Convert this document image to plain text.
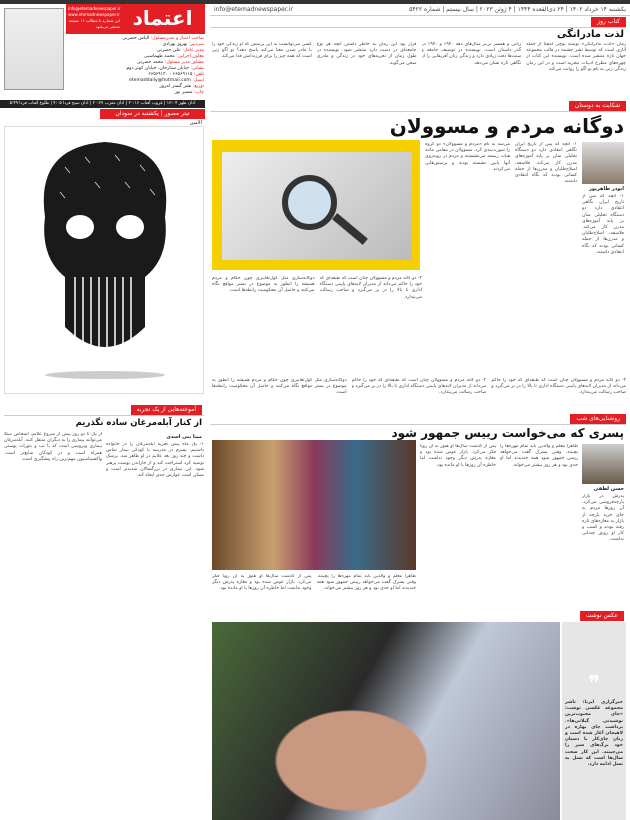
info@etemadnewspaper.ir	یکشنبه ۱۴ خرداد ۱۴۰۲ | ۲۴ ذی‌القعده ۱۴۴۴ | ۴ ژوئن ۲۰۲۳ | سال بیستم | شماره ۵۴۲۲
اعتماد
info@etemadnewspaper.ir
www.etemadnewspaper.ir
این شماره با مطالب ۱۶ صفحه منتشر می‌شود
صاحب امتیاز و مدیرمسئول: الیاس حضرتی
سردبیر: بهروز بهزادی
مدیر عامل: علی حضرتی
معاون اجرایی: محمد طهماسبی
مشاور مدیر مسئول: محمد حضرتی
نشانی: خیابان ستارخان، خیابان کوثر دوم
تلفن: ۶۶۵۶۹۱۱۵ - ۶۶۵۶۹۱۲۰
ایمیل: etemaddaily@hotmail.com
توزیع: نشر گستر امروز
چاپ: مسیر نور
اذان ظهر ۱۳:۰۴ | غروب آفتاب ۲۰:۱۶ | اذان مغرب ۲۰:۳۷ | اذان صبح فردا ۴:۰۵ | طلوع آفتاب فردا ۵:۴۹
کتاب روز
لذت مادرانگی
رمان «لذت مادرانگی» نوشته بوچی امچتا از جمله آثاری است که توسط نشر چشمه در قالب مجموعه جهان تازه منتشر شده است. نویسنده این کتاب از چهره‌های مطرح ادبیات نیجریه است و در این رمان زندگی زنی به نام نو اگو را روایت می‌کند.
زنانی و همسر بی‌بر سال‌های دهه ۱۹۴۰ و ۱۹۷۰ در گذر داستان است. نویسنده در توصیف جامعه و سنت‌ها دقت زیادی دارد و زندگی زنان آفریقایی را از نگاهی تازه نشان می‌دهد.
قرار بود این رمان به خاطر داشتن آنچه هر نوع جامعه‌ای در دست دارد منتشر شود. نویسنده در طول زمان از تجربه‌های خود در زندگی و مادری سخن می‌گوید.
کسی می‌توانست به این پرسش که او زندگی خود را با مادر شدن معنا می‌کند پاسخ دهد؟ نو اگو زنی است که همه چیز را برای فرزندانش فدا می‌کند.
تیتر مصور | یکشنبه در سودان
الامین
شکایت به دوستان
دوگانه مردم و مسوولان
ابوذر طاهرپور
۱- آنچه که پس از تاریخ ایران نگاهی انتقادی دارد دو دستگاه تحلیلی شان بر پایه آموزه‌های مدرن کار می‌کند. فلاسفه، اصلاح‌طلبان و مدرن‌ها از جمله کسانی بودند که نگاه انتقادی داشتند.
۱- آنچه که پس از تاریخ ایران نگاهی انتقادی دارد دو دستگاه تحلیلی شان بر پایه آموزه‌های مدرن کار می‌کند. فلاسفه، اصلاح‌طلبان و مدرن‌ها از جمله کسانی بودند که نگاه انتقادی داشتند.
می‌شد به نام «مردم و مسوولان» دو گروه را صورت‌بندی کرد. مسوولان در مقامی مانند هیات رییسه می‌نشستند و مردم در روبه‌روی آنها پایین نشسته بودند و پرسش‌هایی می‌کردند.
۲- دو گانه مردم و مسوولان چنان است که طبقه‌ای که خود را حاکم می‌داند از مدیران لایه‌های پایینی دستگاه اداری تا بالا را در بر می‌گیرد و صاحب رسالت می‌پندارد.
دوگانه‌سازی مثل گول‌تغابیری چون حکام و مردم همیشه را انطور به موضوع در بستر مواقع نگاه می‌کنند و حاصل آن محکومیت رابطه‌ها است.
۲- دو گانه مردم و مسوولان چنان است که طبقه‌ای که خود را حاکم می‌داند از مدیران لایه‌های پایینی دستگاه اداری تا بالا را در بر می‌گیرد و صاحب رسالت می‌پندارد.
۲- دو گانه مردم و مسوولان چنان است که طبقه‌ای که خود را حاکم می‌داند از مدیران لایه‌های پایینی دستگاه اداری تا بالا را در بر می‌گیرد و صاحب رسالت می‌پندارد.
دوگانه‌سازی مثل گول‌تغابیری چون حکام و مردم همیشه را انطور به موضوع در بستر مواقع نگاه می‌کنند و حاصل آن محکومیت رابطه‌ها است.
روشنایی‌های شب
پسری که می‌خواست رییس جمهور شود
حسن لطفی
پدرش در بازار پارچه‌فروشی می‌کرد. آن روزها مردم به جای خرید پارچه از بازار به مغازه‌های تازه رفته بودند و کسب و کار او رونق چندانی نداشت.
ظاهرا معلم و والدین باید تمام مهره‌ها را بچینند. وقتی پسرک گفت می‌خواهد رییس جمهور شود همه خندیدند اما او جدی بود و هر روز بیشتر می‌خواند.
پس از گذشت سال‌ها او هنوز به آن رویا فکر می‌کرد. بازار عوض شده بود و مغازه پدرش دیگر وجود نداشت اما خاطره آن روزها با او مانده بود.
ظاهرا معلم و والدین باید تمام مهره‌ها را بچینند. وقتی پسرک گفت می‌خواهد رییس جمهور شود همه خندیدند اما او جدی بود و هر روز بیشتر می‌خواند.
پس از گذشت سال‌ها او هنوز به آن رویا فکر می‌کرد. بازار عوض شده بود و مغازه پدرش دیگر وجود نداشت اما خاطره آن روزها با او مانده بود.
عکس نوشت
❞
خبرگزاری ایرنا: ناشر مجموعه عکسی نوشت: «چای محبوب‌ترین نوشیدنی گیلانی‌ها». برداشت چای بهاره در لاهیجان آغاز شده است و زنان چای‌کار با دستان خود برگ‌های سبز را می‌چینند. این کار سخت سال‌ها است که نسل به نسل ادامه دارد.
آموخته‌هایی از یک تجربه
از کنار آبله‌مرغان ساده نگذریم
مینا بنی اسدی
۱- یک ماه پیش تجربه آبله‌مرغان را در خانواده داشتیم. پسرم در مدرسه با کودکی بیمار تماس داشت و چند روز بعد علایم در او ظاهر شد. پزشک توصیه کرد استراحت کند و از خاراندن پوست پرهیز شود. این بیماری در بزرگسالان شدیدتر است و ممکن است عوارض جدی ایجاد کند.
از یک تا دو روز پیش از شروع علایم، اشخاص مبتلا می‌توانند بیماری را به دیگران منتقل کنند. آبله‌مرغان بیماری ویروسی است که با تب و بثورات پوستی همراه است و در کودکان شایع‌تر است. واکسیناسیون مهم‌ترین راه پیشگیری است.
